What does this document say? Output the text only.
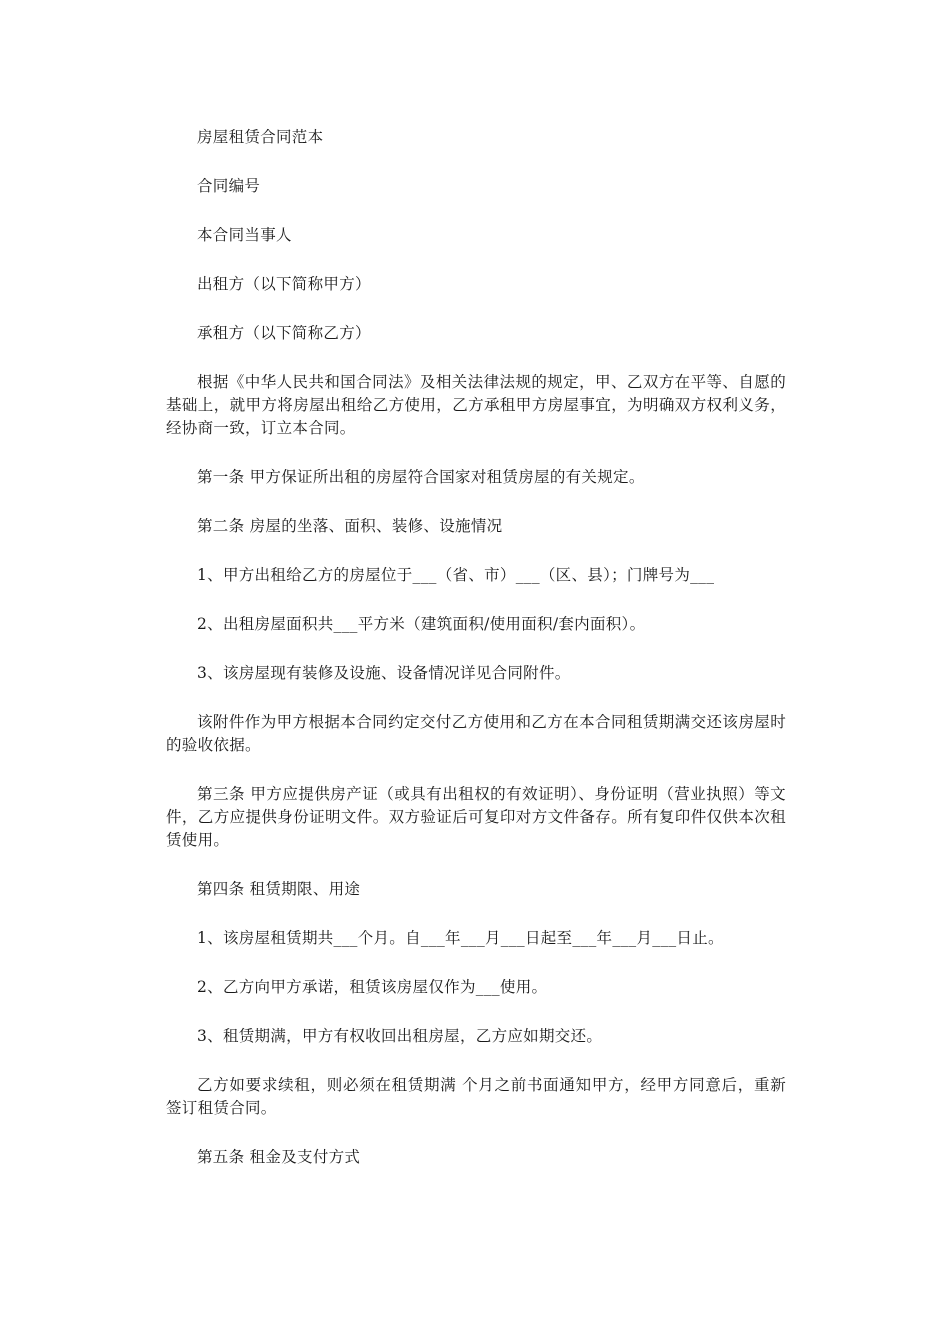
房屋租赁合同范本

合同编号

本合同当事人

出租方（以下简称甲方）

承租方（以下简称乙方）

根据《中华人民共和国合同法》及相关法律法规的规定，甲、乙双方在平等、自愿的基础上，就甲方将房屋出租给乙方使用，乙方承租甲方房屋事宜，为明确双方权利义务，经协商一致，订立本合同。

第一条 甲方保证所出租的房屋符合国家对租赁房屋的有关规定。

第二条 房屋的坐落、面积、装修、设施情况

1、甲方出租给乙方的房屋位于___（省、市）___（区、县）；门牌号为___

2、出租房屋面积共___平方米（建筑面积/使用面积/套内面积）。

3、该房屋现有装修及设施、设备情况详见合同附件。

该附件作为甲方根据本合同约定交付乙方使用和乙方在本合同租赁期满交还该房屋时的验收依据。

第三条 甲方应提供房产证（或具有出租权的有效证明）、身份证明（营业执照）等文件，乙方应提供身份证明文件。双方验证后可复印对方文件备存。所有复印件仅供本次租赁使用。

第四条 租赁期限、用途

1、该房屋租赁期共___个月。自___年___月___日起至___年___月___日止。

2、乙方向甲方承诺，租赁该房屋仅作为___使用。

3、租赁期满，甲方有权收回出租房屋，乙方应如期交还。

乙方如要求续租，则必须在租赁期满 个月之前书面通知甲方，经甲方同意后，重新签订租赁合同。

第五条 租金及支付方式
